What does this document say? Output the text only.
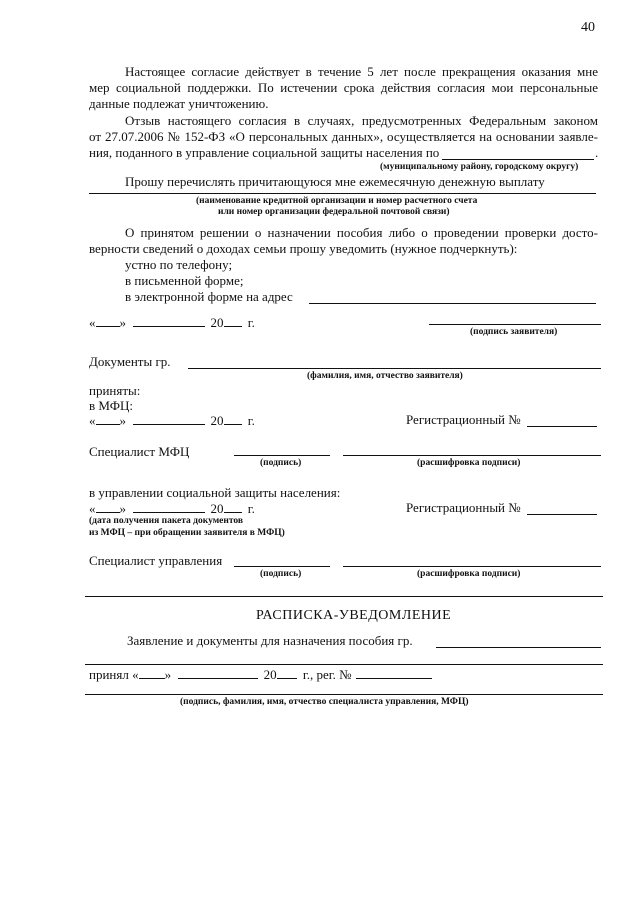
40
Настоящее согласие действует в течение 5 лет после прекращения оказания мне
мер социальной поддержки. По истечении срока действия согласия мои персональные
данные подлежат уничтожению.
Отзыв настоящего согласия в случаях, предусмотренных Федеральным законом
от 27.07.2006 № 152-ФЗ «О персональных данных», осуществляется на основании заявле-
ния, поданного в управление социальной защиты населения по	.
(муниципальному району, городскому округу)
Прошу перечислять причитающуюся мне ежемесячную денежную выплату
(наименование кредитной организации и номер расчетного счета
или номер организации федеральной почтовой связи)
О принятом решении о назначении пособия либо о проведении проверки досто-
верности сведений о доходах семьи прошу уведомить (нужное подчеркнуть):
устно по телефону;
в письменной форме;
в электронной форме на адрес
« »	20 г.
(подпись заявителя)
Документы гр.
(фамилия, имя, отчество заявителя)
приняты:
в МФЦ:
« »	20 г.	Регистрационный №
Специалист МФЦ
(подпись)	(расшифровка подписи)
в управлении социальной защиты населения:
« »	20 г.	Регистрационный №
(дата получения пакета документов
из МФЦ – при обращении заявителя в МФЦ)
Специалист управления
(подпись)	(расшифровка подписи)
РАСПИСКА-УВЕДОМЛЕНИЕ
Заявление и документы для назначения пособия гр.
принял « »	20 г., рег. №
(подпись, фамилия, имя, отчество специалиста управления, МФЦ)
